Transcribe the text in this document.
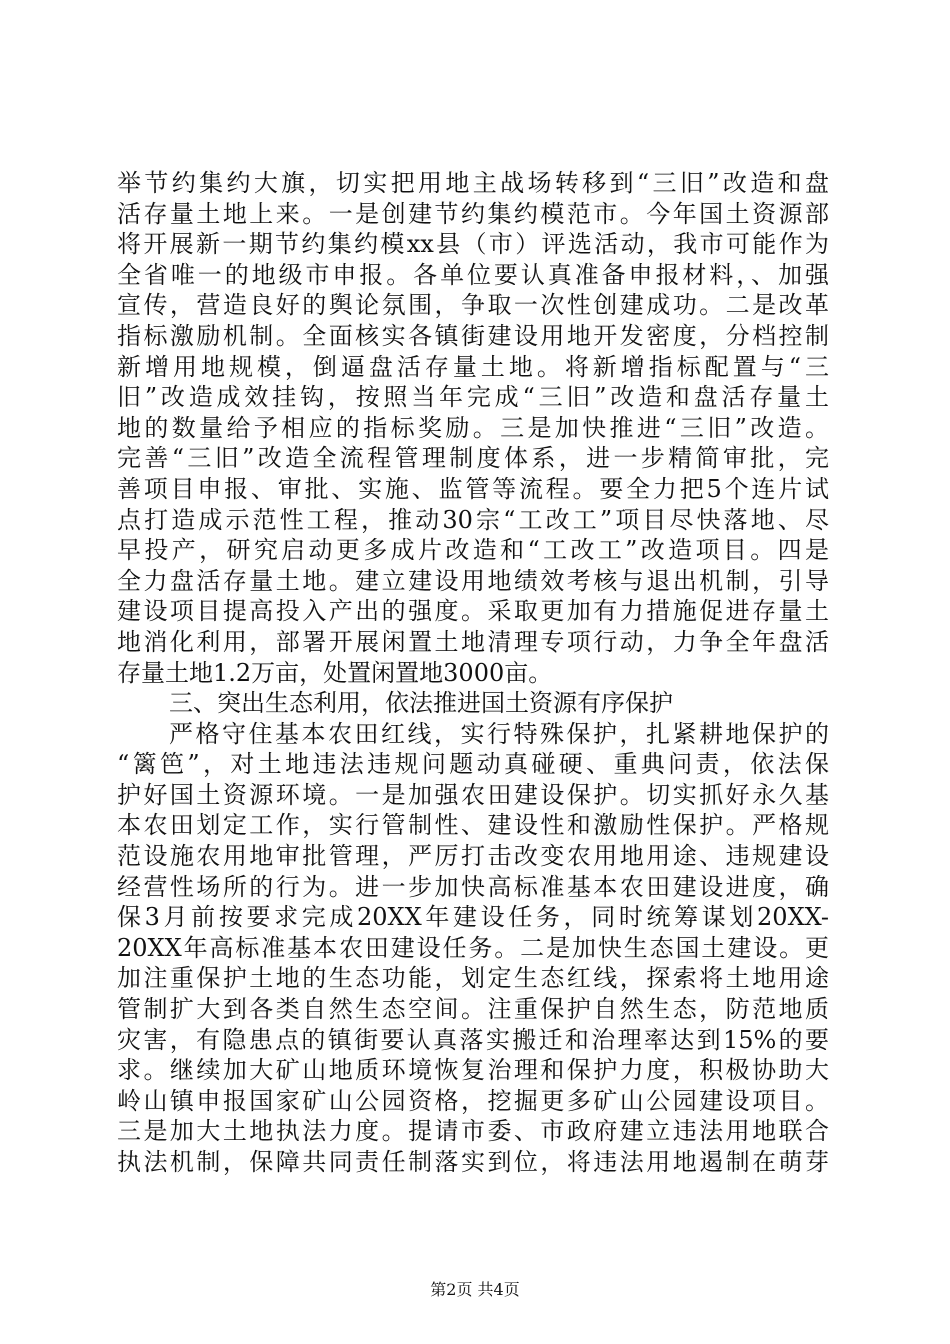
举节约集约大旗，切实把用地主战场转移到“三旧”改造和盘
活存量土地上来。一是创建节约集约模范市。今年国土资源部
将开展新一期节约集约模xx县（市）评选活动，我市可能作为
全省唯一的地级市申报。各单位要认真准备申报材料，、加强
宣传，营造良好的舆论氛围，争取一次性创建成功。二是改革
指标激励机制。全面核实各镇街建设用地开发密度，分档控制
新增用地规模，倒逼盘活存量土地。将新增指标配置与“三
旧”改造成效挂钩，按照当年完成“三旧”改造和盘活存量土
地的数量给予相应的指标奖励。三是加快推进“三旧”改造。
完善“三旧”改造全流程管理制度体系，进一步精简审批，完
善项目申报、审批、实施、监管等流程。要全力把5个连片试
点打造成示范性工程，推动30宗“工改工”项目尽快落地、尽
早投产，研究启动更多成片改造和“工改工”改造项目。四是
全力盘活存量土地。建立建设用地绩效考核与退出机制，引导
建设项目提高投入产出的强度。采取更加有力措施促进存量土
地消化利用，部署开展闲置土地清理专项行动，力争全年盘活
存量土地1.2万亩，处置闲置地3000亩。
三、突出生态利用，依法推进国土资源有序保护
严格守住基本农田红线，实行特殊保护，扎紧耕地保护的
“篱笆”，对土地违法违规问题动真碰硬、重典问责，依法保
护好国土资源环境。一是加强农田建设保护。切实抓好永久基
本农田划定工作，实行管制性、建设性和激励性保护。严格规
范设施农用地审批管理，严厉打击改变农用地用途、违规建设
经营性场所的行为。进一步加快高标准基本农田建设进度，确
保3月前按要求完成20XX年建设任务，同时统筹谋划20XX-
20XX年高标准基本农田建设任务。二是加快生态国土建设。更
加注重保护土地的生态功能，划定生态红线，探索将土地用途
管制扩大到各类自然生态空间。注重保护自然生态，防范地质
灾害，有隐患点的镇街要认真落实搬迁和治理率达到15%的要
求。继续加大矿山地质环境恢复治理和保护力度，积极协助大
岭山镇申报国家矿山公园资格，挖掘更多矿山公园建设项目。
三是加大土地执法力度。提请市委、市政府建立违法用地联合
执法机制，保障共同责任制落实到位，将违法用地遏制在萌芽
第2页 共4页
